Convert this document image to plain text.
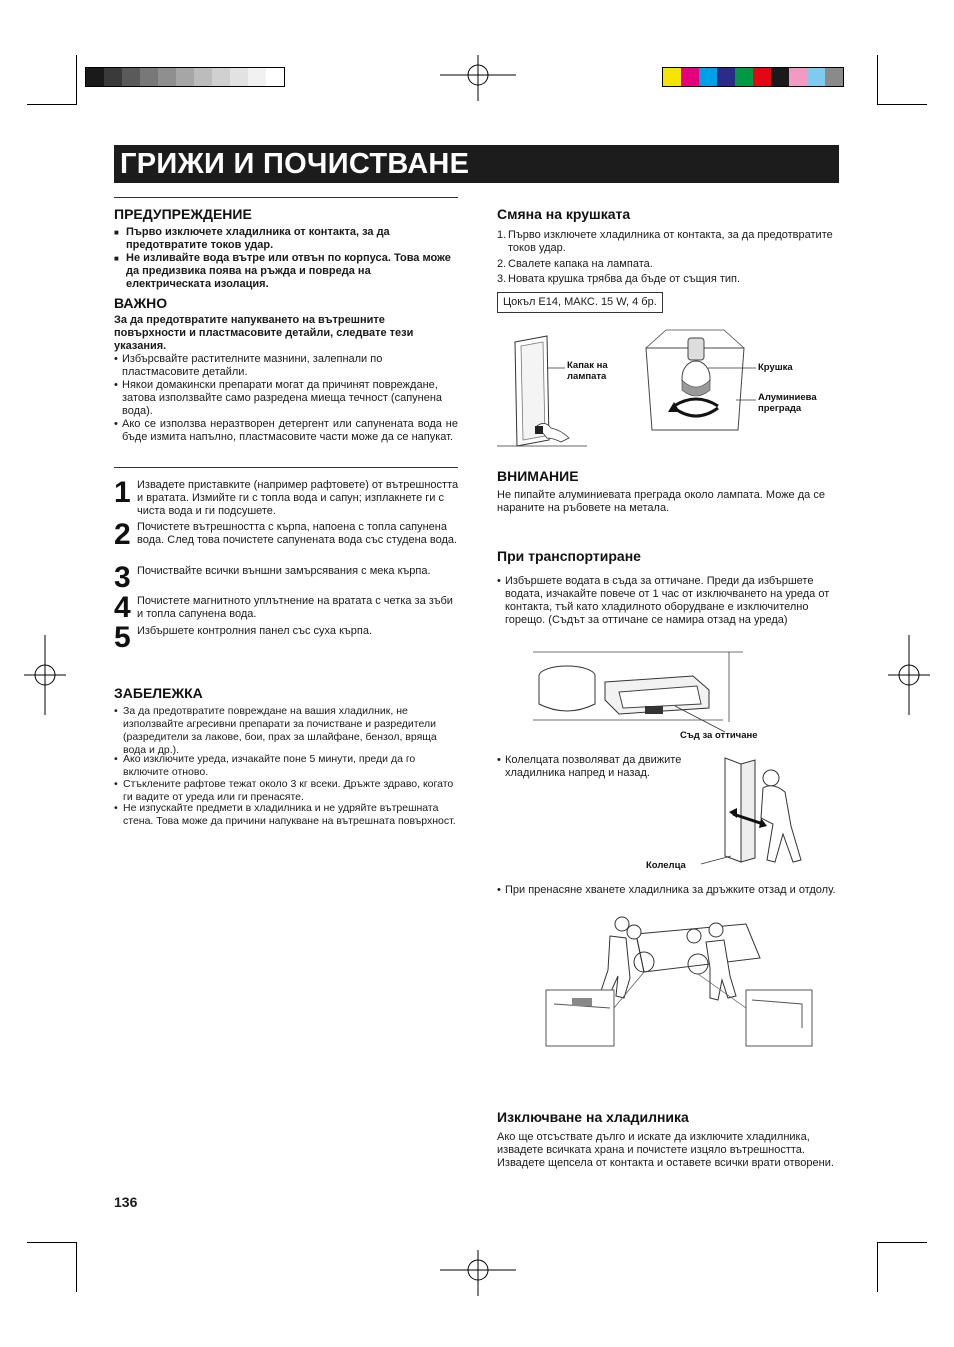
ГРИЖИ И ПОЧИСТВАНЕ
ПРЕДУПРЕЖДЕНИЕ
■ Първо изключете хладилника от контакта, за да предотвратите токов удар.
■ Не изливайте вода вътре или отвън по корпуса. Това може да предизвика поява на ръжда и повреда на електрическата изолация.
ВАЖНО
За да предотвратите напукването на вътрешните повърхности и пластмасовите детайли, следвате тези указания.
• Избърсвайте растителните мазнини, залепнали по пластмасовите детайли.
• Някои домакински препарати могат да причинят повреждане, затова използвайте само разредена миеща течност (сапунена вода).
• Ако се използва неразтворен детергент или сапунената вода не бъде измита напълно, пластмасовите части може да се напукат.
1 Извадете приставките (например рафтовете) от вътрешността и вратата. Измийте ги с топла вода и сапун; изплакнете ги с чиста вода и ги подсушете.
2 Почистете вътрешността с кърпа, напоена с топла сапунена вода. След това почистете сапунената вода със студена вода.
3 Почиствайте всички външни замърсявания с мека кърпа.
4 Почистете магнитното уплътнение на вратата с четка за зъби и топла сапунена вода.
5 Избършете контролния панел със суха кърпа.
ЗАБЕЛЕЖКА
• За да предотвратите повреждане на вашия хладилник, не използвайте агресивни препарати за почистване и разредители (разредители за лакове, бои, прах за шлайфане, бензол, вряща вода и др.).
• Ако изключите уреда, изчакайте поне 5 минути, преди да го включите отново.
• Стъклените рафтове тежат около 3 кг всеки. Дръжте здраво, когато ги вадите от уреда или ги пренасяте.
• Не изпускайте предмети в хладилника и не удряйте вътрешната стена. Това може да причини напукване на вътрешната повърхност.
Смяна на крушката
1. Първо изключете хладилника от контакта, за да предотвратите токов удар.
2. Свалете капака на лампата.
3. Новата крушка трябва да бъде от същия тип.
Цокъл E14, МАКС. 15 W, 4 бр.
Капак на лампата
Крушка
Алуминиева преграда
ВНИМАНИЕ
Не пипайте алуминиевата преграда около лампата. Може да се нараните на ръбовете на метала.
При транспортиране
• Избършете водата в съда за оттичане. Преди да избършете водата, изчакайте повече от 1 час от изключването на уреда от контакта, тъй като хладилното оборудване е изключително горещо. (Съдът за оттичане се намира отзад на уреда)
Съд за оттичане
• Колелцата позволяват да движите хладилника напред и назад.
Колелца
• При пренасяне хванете хладилника за дръжките отзад и отдолу.
Изключване на хладилника
Ако ще отсъствате дълго и искате да изключите хладилника, извадете всичката храна и почистете изцяло вътрешността. Извадете щепсела от контакта и оставете всички врати отворени.
136
